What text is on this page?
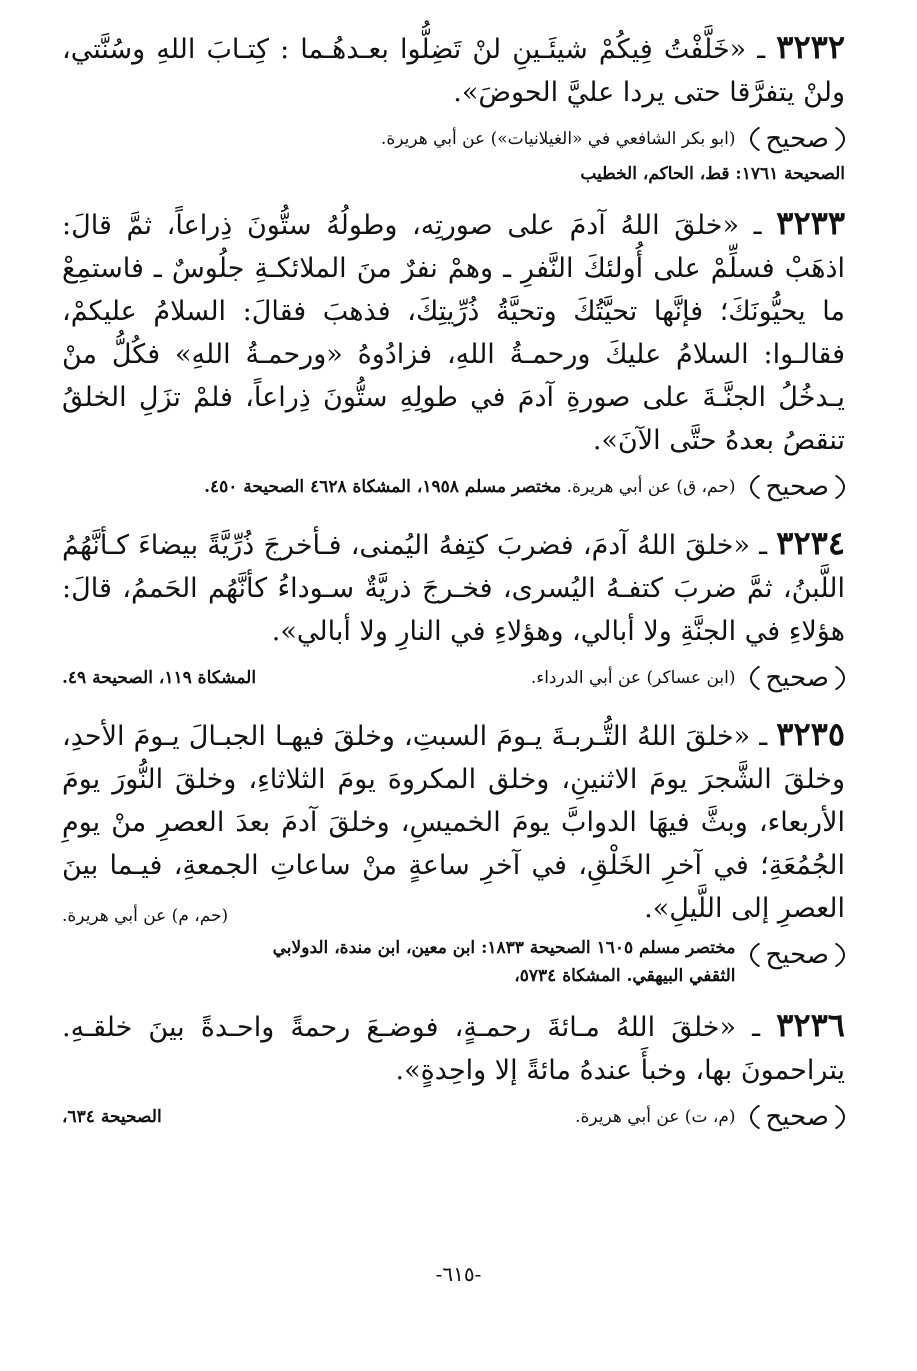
٣٢٣٢ ـ «خَلَّفْتُ فِيكُمْ شيئَـينِ لنْ تَضِلُّوا بعـدهُـما : كِتـابَ اللهِ وسُنَّتي، ولنْ يتفرَّقا حتى يردا عليَّ الحوضَ».
صحيح
(ابو بكر الشافعي في «الغيلانيات») عن أبي هريرة.
الصحيحة ١٧٦١: قط، الحاكم، الخطيب
٣٢٣٣ ـ «خلقَ اللهُ آدمَ على صورتِه، وطولُهُ ستُّونَ ذِراعاً، ثمَّ قالَ: اذهَبْ فسلِّمْ على أُولئكَ النَّفرِ ـ وهمْ نفرٌ منَ الملائكـةِ جلُوسٌ ـ فاستمِعْ ما يحيُّونَكَ؛ فإنَّها تحيَّتُكَ وتحيَّةُ ذُرِّيتِكَ، فذهبَ فقالَ: السلامُ عليكمْ، فقالـوا: السلامُ عليكَ ورحمـةُ اللهِ، فزادُوهُ «ورحمـةُ اللهِ» فكُلُّ منْ يـدخُلُ الجنَّـةَ على صورةِ آدمَ في طولِهِ ستُّونَ ذِراعاً، فلمْ تزَلِ الخلقُ تنقصُ بعدهُ حتَّى الآنَ».
صحيح
(حم، ق) عن أبي هريرة. مختصر مسلم ١٩٥٨، المشكاة ٤٦٢٨ الصحيحة ٤٥٠.
٣٢٣٤ ـ «خلقَ اللهُ آدمَ، فضربَ كتِفهُ اليُمنى، فـأخرجَ ذُرِّيَّةً بيضاءَ كـأنَّهُمُ اللَّبنُ، ثمَّ ضربَ كتفـهُ اليُسرى، فخـرجَ ذريَّةٌ سـوداءُ كأنَّهُم الحَممُ، قالَ: هؤلاءِ في الجنَّةِ ولا أبالي، وهؤلاءِ في النارِ ولا أبالي».
صحيح
(ابن عساكر) عن أبي الدرداء.
المشكاة ١١٩، الصحيحة ٤٩.
٣٢٣٥ ـ «خلقَ اللهُ التُّـربـةَ يـومَ السبتِ، وخلقَ فيهـا الجبـالَ يـومَ الأحدِ، وخلقَ الشَّجرَ يومَ الاثنينِ، وخلق المكروهَ يومَ الثلاثاءِ، وخلقَ النُّورَ يومَ الأربعاء، وبثَّ فيهَا الدوابَّ يومَ الخميسِ، وخلقَ آدمَ بعدَ العصرِ منْ يومِ الجُمُعَةِ؛ في آخرِ الخَلْقِ، في آخرِ ساعةٍ منْ ساعاتِ الجمعةِ، فيـما بينَ العصرِ إلى اللَّيلِ».
(حم، م) عن أبي هريرة.
صحيح
مختصر مسلم ١٦٠٥ الصحيحة ١٨٣٣: ابن معين، ابن مندة، الدولابي الثقفي البيهقي. المشكاة ٥٧٣٤،
٣٢٣٦ ـ «خلقَ اللهُ مـائةَ رحمـةٍ، فوضـعَ رحمةً واحـدةً بينَ خلقـهِ. يتراحمونَ بها، وخبأَ عندهُ مائةً إلا واحِدةٍ».
صحيح
(م، ت) عن أبي هريرة.
الصحيحة ٦٣٤،
-٦١٥-
